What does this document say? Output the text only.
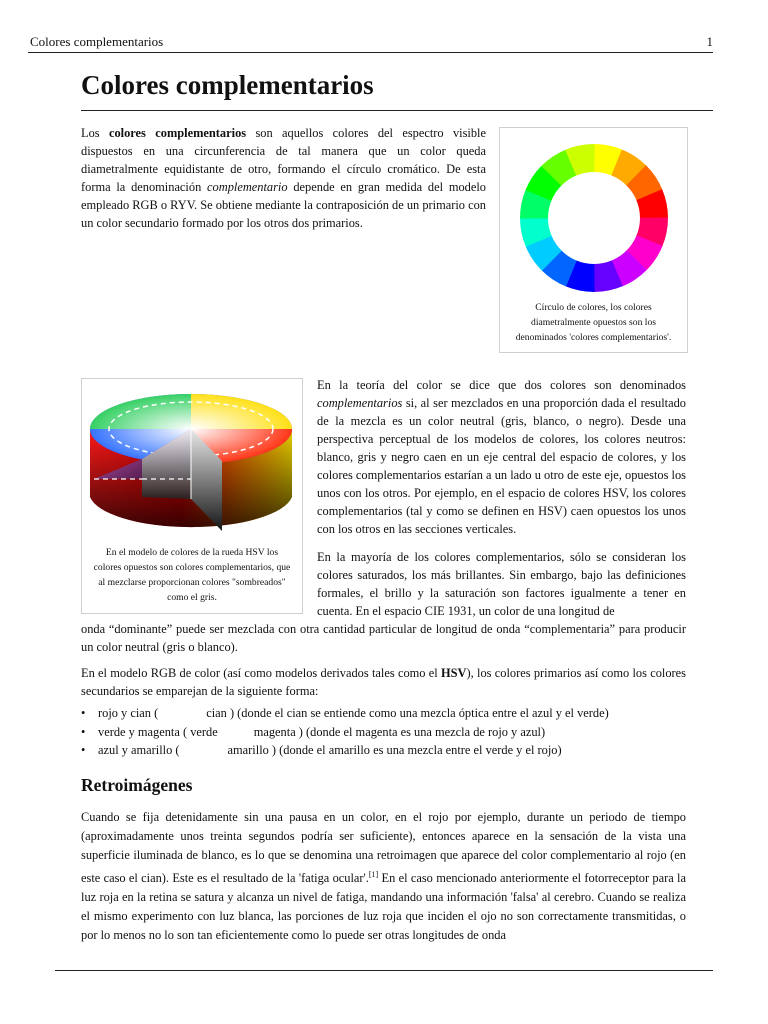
Colores complementarios	1
Colores complementarios

Los colores complementarios son aquellos colores del espectro visible dispuestos en una circunferencia de tal manera que un color queda diametralmente equidistante de otro, formando el círculo cromático. De esta forma la denominación complementario depende en gran medida del modelo empleado RGB o RYV. Se obtiene mediante la contraposición de un primario con un color secundario formado por los otros dos primarios.

Círculo de colores, los colores diametralmente opuestos son los denominados 'colores complementarios'.
En el modelo de colores de la rueda HSV los colores opuestos son colores complementarios, que al mezclarse proporcionan colores "sombreados" como el gris.

En la teoría del color se dice que dos colores son denominados complementarios si, al ser mezclados en una proporción dada el resultado de la mezcla es un color neutral (gris, blanco, o negro). Desde una perspectiva perceptual de los modelos de colores, los colores neutros: blanco, gris y negro caen en un eje central del espacio de colores, y los colores complementarios estarían a un lado u otro de este eje, opuestos los unos con los otros. Por ejemplo, en el espacio de colores HSV, los colores complementarios (tal y como se definen en HSV) caen opuestos los unos con los otros en las secciones verticales.

En la mayoría de los colores complementarios, sólo se consideran los colores saturados, los más brillantes. Sin embargo, bajo las definiciones formales, el brillo y la saturación son factores igualmente a tener en cuenta. En el espacio CIE 1931, un color de una longitud de

onda “dominante” puede ser mezclada con otra cantidad particular de longitud de onda “complementaria” para producir un color neutral (gris o blanco).

En el modelo RGB de color (así como modelos derivados tales como el HSV), los colores primarios así como los colores secundarios se emparejan de la siguiente forma:

• rojo y cian (	cian ) (donde el cian se entiende como una mezcla óptica entre el azul y el verde)
• verde y magenta ( verde	magenta ) (donde el magenta es una mezcla de rojo y azul)
• azul y amarillo (	amarillo ) (donde el amarillo es una mezcla entre el verde y el rojo)
Retroimágenes

Cuando se fija detenidamente sin una pausa en un color, en el rojo por ejemplo, durante un periodo de tiempo (aproximadamente unos treinta segundos podría ser suficiente), entonces aparece en la sensación de la vista una superficie iluminada de blanco, es lo que se denomina una retroimagen que aparece del color complementario al rojo (en este caso el cian). Este es el resultado de la 'fatiga ocular'.[1] En el caso mencionado anteriormente el fotorreceptor para la luz roja en la retina se satura y alcanza un nivel de fatiga, mandando una información 'falsa' al cerebro. Cuando se realiza el mismo experimento con luz blanca, las porciones de luz roja que inciden el ojo no son correctamente transmitidas, o por lo menos no lo son tan eficientemente como lo puede ser otras longitudes de onda
